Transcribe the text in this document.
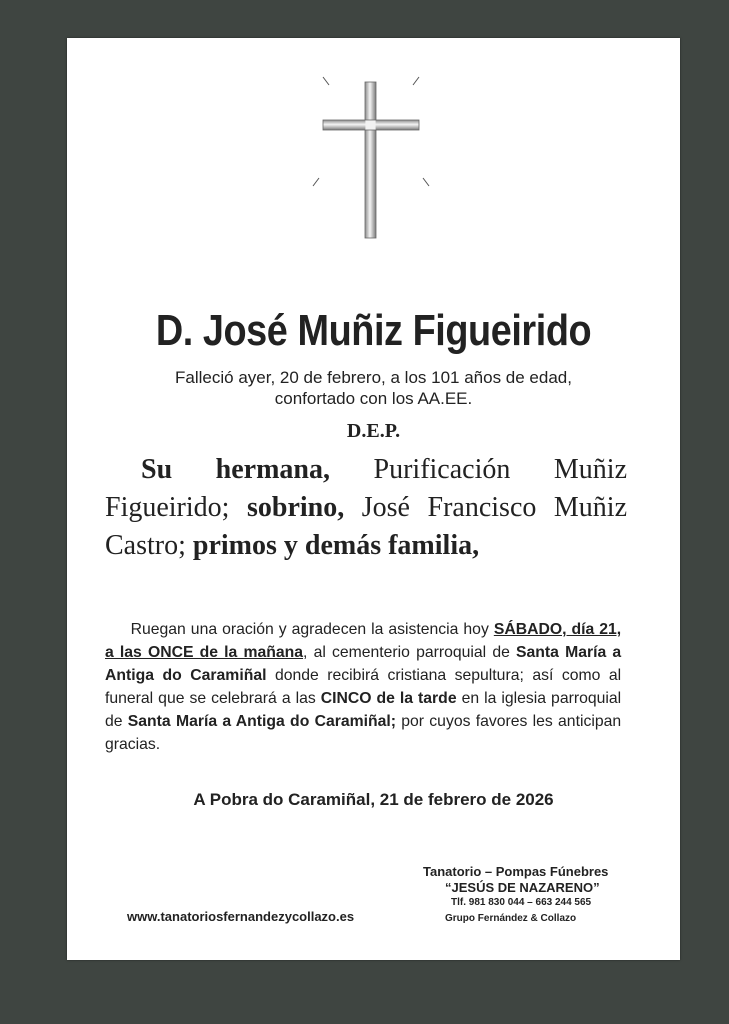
D. José Muñiz Figueirido
Falleció ayer, 20 de febrero, a los 101 años de edad,
confortado con los AA.EE.
D.E.P.
Su hermana, Purificación Muñiz Figueirido; sobrino, José Francisco Muñiz Castro; primos y demás familia,
Ruegan una oración y agradecen la asistencia hoy SÁBADO, día 21, a las ONCE de la mañana, al cementerio parroquial de Santa María a Antiga do Caramiñal donde recibirá cristiana sepultura; así como al funeral que se celebrará a las CINCO de la tarde en la iglesia parroquial de Santa María a Antiga do Caramiñal; por cuyos favores les anticipan gracias.
A Pobra do Caramiñal, 21 de febrero de 2026
Tanatorio – Pompas Fúnebres
“JESÚS DE NAZARENO”
Tlf. 981 830 044 – 663 244 565
Grupo Fernández & Collazo
www.tanatoriosfernandezycollazo.es
